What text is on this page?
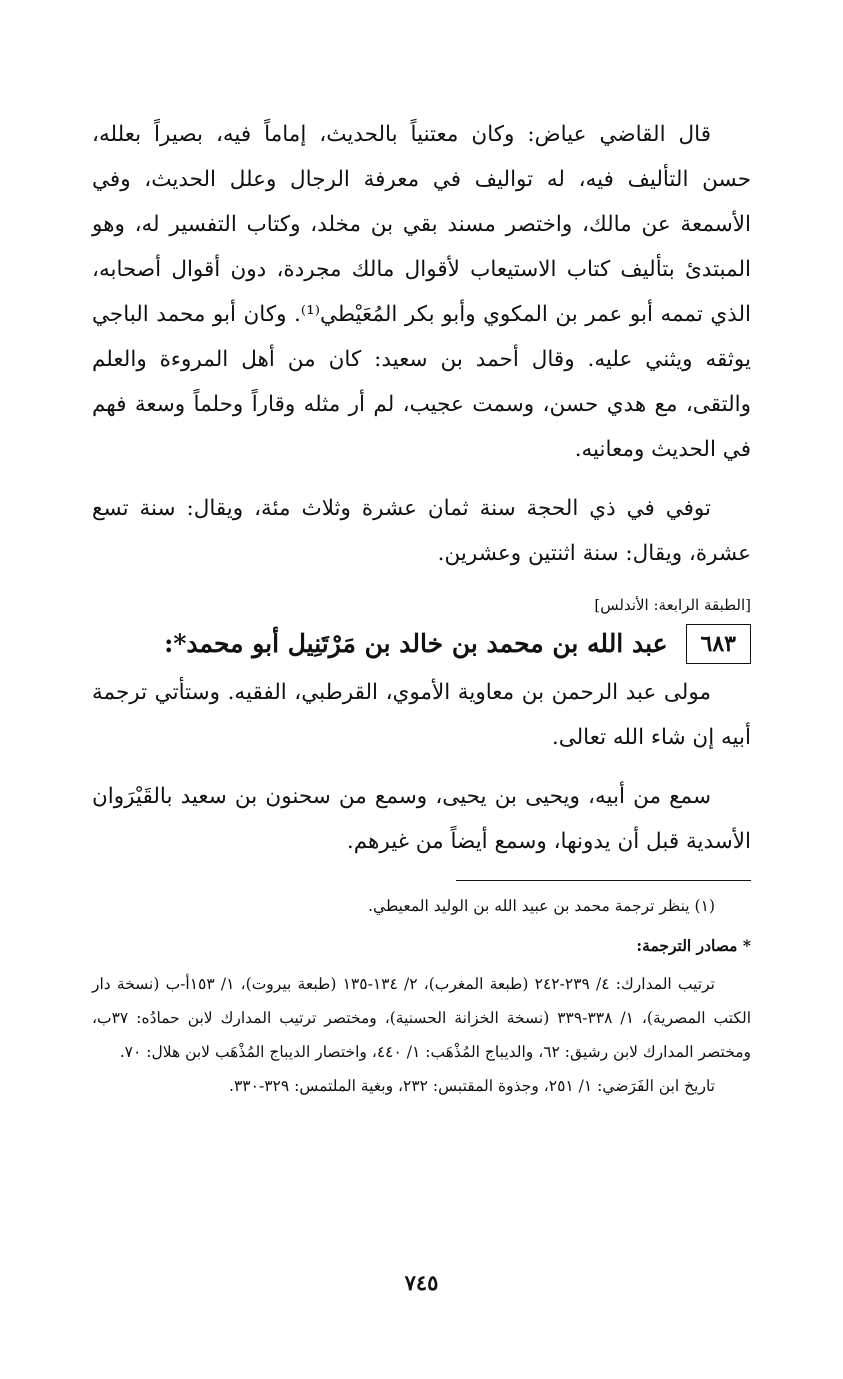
قال القاضي عياض: وكان معتنياً بالحديث، إماماً فيه، بصيراً بعلله، حسن التأليف فيه، له تواليف في معرفة الرجال وعلل الحديث، وفي الأسمعة عن مالك، واختصر مسند بقي بن مخلد، وكتاب التفسير له، وهو المبتدئ بتأليف كتاب الاستيعاب لأقوال مالك مجردة، دون أقوال أصحابه، الذي تممه أبو عمر بن المكوي وأبو بكر المُعَيْطي⁽¹⁾. وكان أبو محمد الباجي يوثقه ويثني عليه. وقال أحمد بن سعيد: كان من أهل المروءة والعلم والتقى، مع هدي حسن، وسمت عجيب، لم أر مثله وقاراً وحلماً وسعة فهم في الحديث ومعانيه.

توفي في ذي الحجة سنة ثمان عشرة وثلاث مئة، ويقال: سنة تسع عشرة، ويقال: سنة اثنتين وعشرين.

[الطبقة الرابعة: الأندلس]
٦٨٣
عبد الله بن محمد بن خالد بن مَرْتَنِيل أبو محمد*:

مولى عبد الرحمن بن معاوية الأموي، القرطبي، الفقيه. وستأتي ترجمة أبيه إن شاء الله تعالى.

سمع من أبيه، ويحيى بن يحيى، وسمع من سحنون بن سعيد بالقَيْرَوان الأسدية قبل أن يدونها، وسمع أيضاً من غيرهم.

(١) ينظر ترجمة محمد بن عبيد الله بن الوليد المعيطي.

* مصادر الترجمة:

ترتيب المدارك: ٤/ ٢٣٩-٢٤٢ (طبعة المغرب)، ٢/ ١٣٤-١٣٥ (طبعة بيروت)، ١/ ١٥٣أ-ب (نسخة دار الكتب المصرية)، ١/ ٣٣٨-٣٣٩ (نسخة الخزانة الحسنية)، ومختصر ترتيب المدارك لابن حمادُه: ٣٧ب، ومختصر المدارك لابن رشيق: ٦٢، والديباج المُذْهَب: ١/ ٤٤٠، واختصار الديباج المُذْهَب لابن هلال: ٧٠.

تاريخ ابن الفَرَضي: ١/ ٢٥١، وجذوة المقتبس: ٢٣٢، وبغية الملتمس: ٣٢٩-٣٣٠.

٧٤٥
